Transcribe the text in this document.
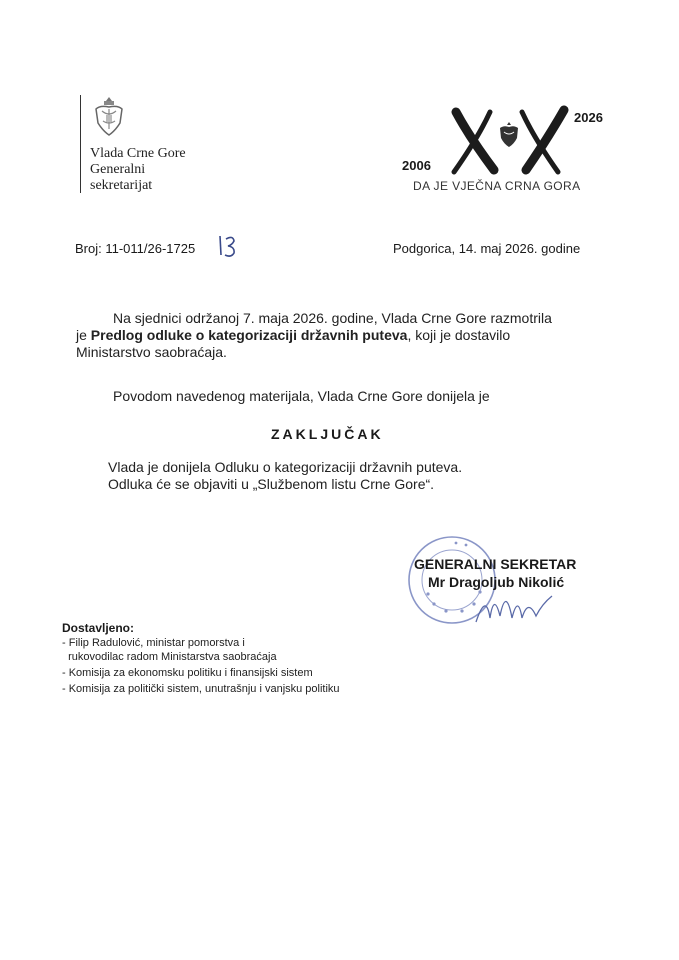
Vlada Crne Gore
Generalni
sekretarijat
2006
2026
DA JE VJEČNA CRNA GORA
Broj: 11-011/26-1725	Podgorica, 14. maj 2026. godine
Na sjednici održanoj 7. maja 2026. godine, Vlada Crne Gore razmotrila
je Predlog odluke o kategorizaciji državnih puteva, koji je dostavilo
Ministarstvo saobraćaja.
Povodom navedenog materijala, Vlada Crne Gore donijela je
ZAKLJUČAK
Vlada je donijela Odluku o kategorizaciji državnih puteva.
Odluka će se objaviti u „Službenom listu Crne Gore“.
GENERALNI SEKRETAR
Mr Dragoljub Nikolić
Dostavljeno:
- Filip Radulović, ministar pomorstva i
rukovodilac radom Ministarstva saobraćaja
- Komisija za ekonomsku politiku i finansijski sistem
- Komisija za politički sistem, unutrašnju i vanjsku politiku
